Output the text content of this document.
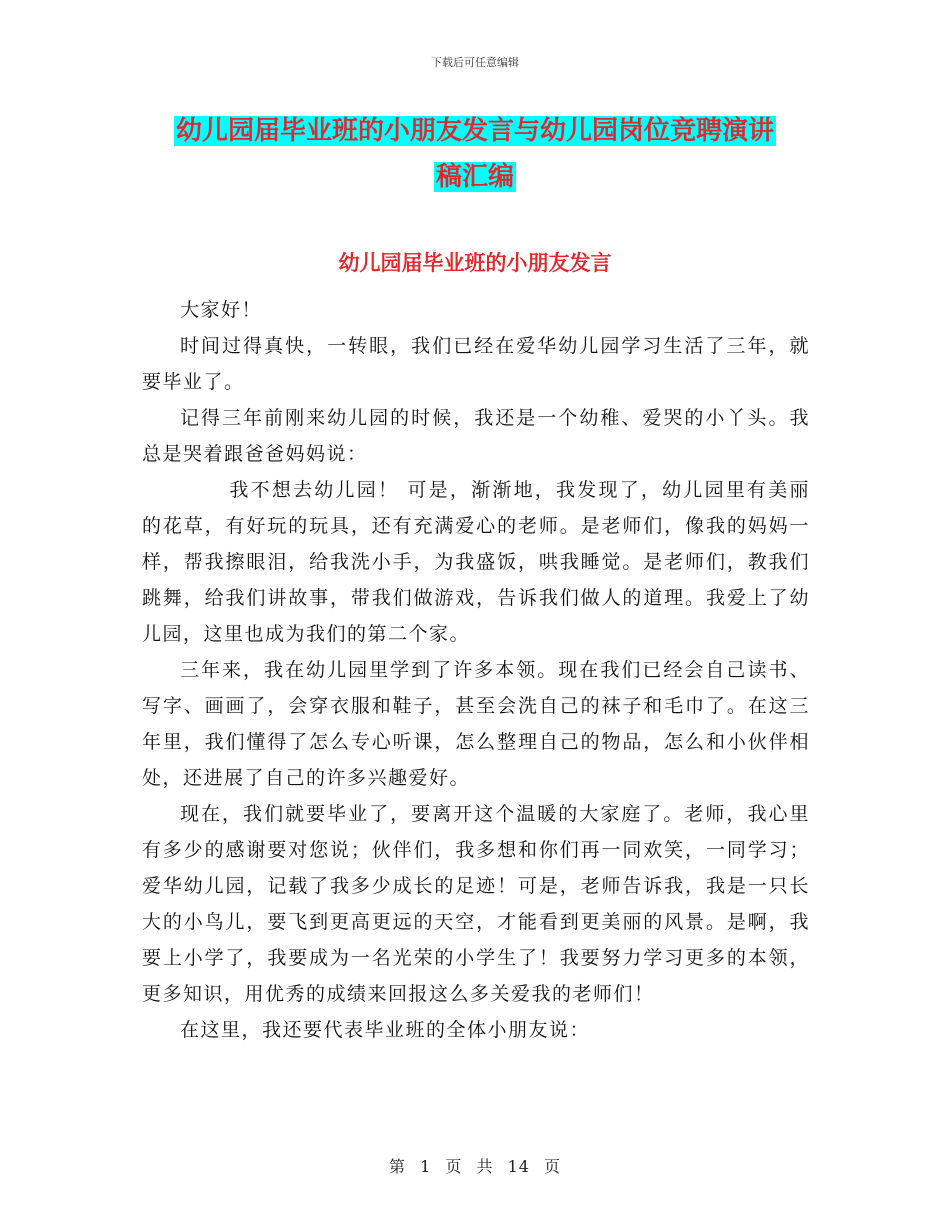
下载后可任意编辑
幼儿园届毕业班的小朋友发言与幼儿园岗位竞聘演讲
稿汇编
幼儿园届毕业班的小朋友发言

大家好！

时间过得真快，一转眼，我们已经在爱华幼儿园学习生活了三年，就要毕业了。

记得三年前刚来幼儿园的时候，我还是一个幼稚、爱哭的小丫头。我总是哭着跟爸爸妈妈说：

我不想去幼儿园！ 可是，渐渐地，我发现了，幼儿园里有美丽的花草，有好玩的玩具，还有充满爱心的老师。是老师们，像我的妈妈一样，帮我擦眼泪，给我洗小手，为我盛饭，哄我睡觉。是老师们，教我们跳舞，给我们讲故事，带我们做游戏，告诉我们做人的道理。我爱上了幼儿园，这里也成为我们的第二个家。

三年来，我在幼儿园里学到了许多本领。现在我们已经会自己读书、写字、画画了，会穿衣服和鞋子，甚至会洗自己的袜子和毛巾了。在这三年里，我们懂得了怎么专心听课，怎么整理自己的物品，怎么和小伙伴相处，还进展了自己的许多兴趣爱好。

现在，我们就要毕业了，要离开这个温暖的大家庭了。老师，我心里有多少的感谢要对您说；伙伴们，我多想和你们再一同欢笑，一同学习；爱华幼儿园，记载了我多少成长的足迹！可是，老师告诉我，我是一只长大的小鸟儿，要飞到更高更远的天空，才能看到更美丽的风景。是啊，我要上小学了，我要成为一名光荣的小学生了！我要努力学习更多的本领，更多知识，用优秀的成绩来回报这么多关爱我的老师们！

在这里，我还要代表毕业班的全体小朋友说：

第 1 页 共 14 页
